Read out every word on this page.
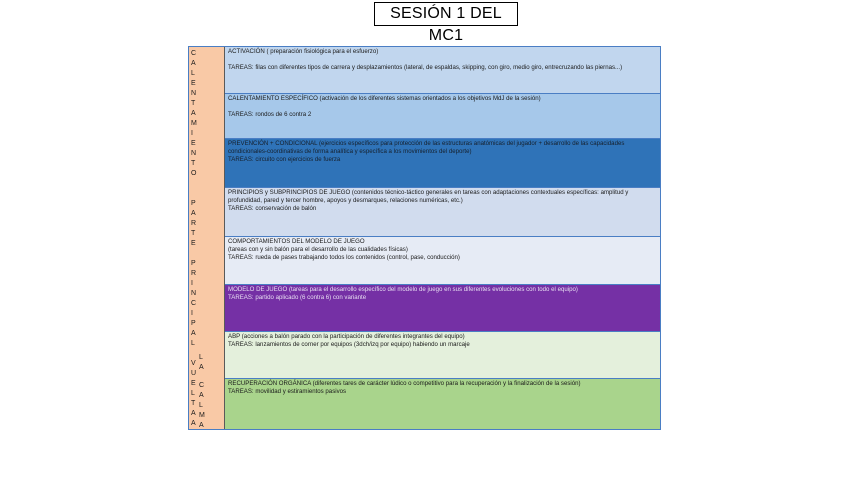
SESIÓN 1 DEL MC1
C
A
L
E
N
T
A
M
I
E
N
T
O
P
A
R
T
E
P
R
I
N
C
I
P
A
L
V
U
E
L
T
A
A
L
A
C
A
L
M
A

ACTIVACIÓN ( preparación fisiológica para el esfuerzo)

TAREAS: filas con diferentes tipos de carrera y desplazamientos (lateral, de espaldas, skipping, con giro, medio giro, entrecruzando las piernas...)

CALENTAMIENTO ESPECÍFICO (activación de los diferentes sistemas orientados a los objetivos MdJ de la sesión)

TAREAS: rondos de 6 contra 2

PREVENCIÓN + CONDICIONAL (ejercicios específicos para protección de las estructuras anatómicas del jugador + desarrollo de las capacidades condicionales-coordinativas de forma analítica y específica a los movimientos del deporte)

TAREAS: circuito con ejercicios de fuerza

PRINCIPIOS y SUBPRINCIPIOS DE JUEGO (contenidos técnico-táctico generales en tareas con adaptaciones contextuales específicas: amplitud y profundidad, pared y tercer hombre, apoyos y desmarques, relaciones numéricas, etc.)

TAREAS: conservación de balón

COMPORTAMIENTOS DEL MODELO DE JUEGO

(tareas con y sin balón para el desarrollo de las cualidades físicas)

TAREAS: rueda de pases trabajando todos los contenidos (control, pase, conducción)

MODELO DE JUEGO (tareas para el desarrollo específico del modelo de juego en sus diferentes evoluciones con todo el equipo)

TAREAS: partido aplicado (6 contra 6) con variante

ABP (acciones a balón parado con la participación de diferentes integrantes del equipo)

TAREAS: lanzamientos de corner por equipos (3dch/izq por equipo) habiendo un marcaje

RECUPERACIÓN ORGÁNICA (diferentes tares de carácter lúdico o competitivo para la recuperación y la finalización de la sesión)

TAREAS: movilidad y estiramientos pasivos
